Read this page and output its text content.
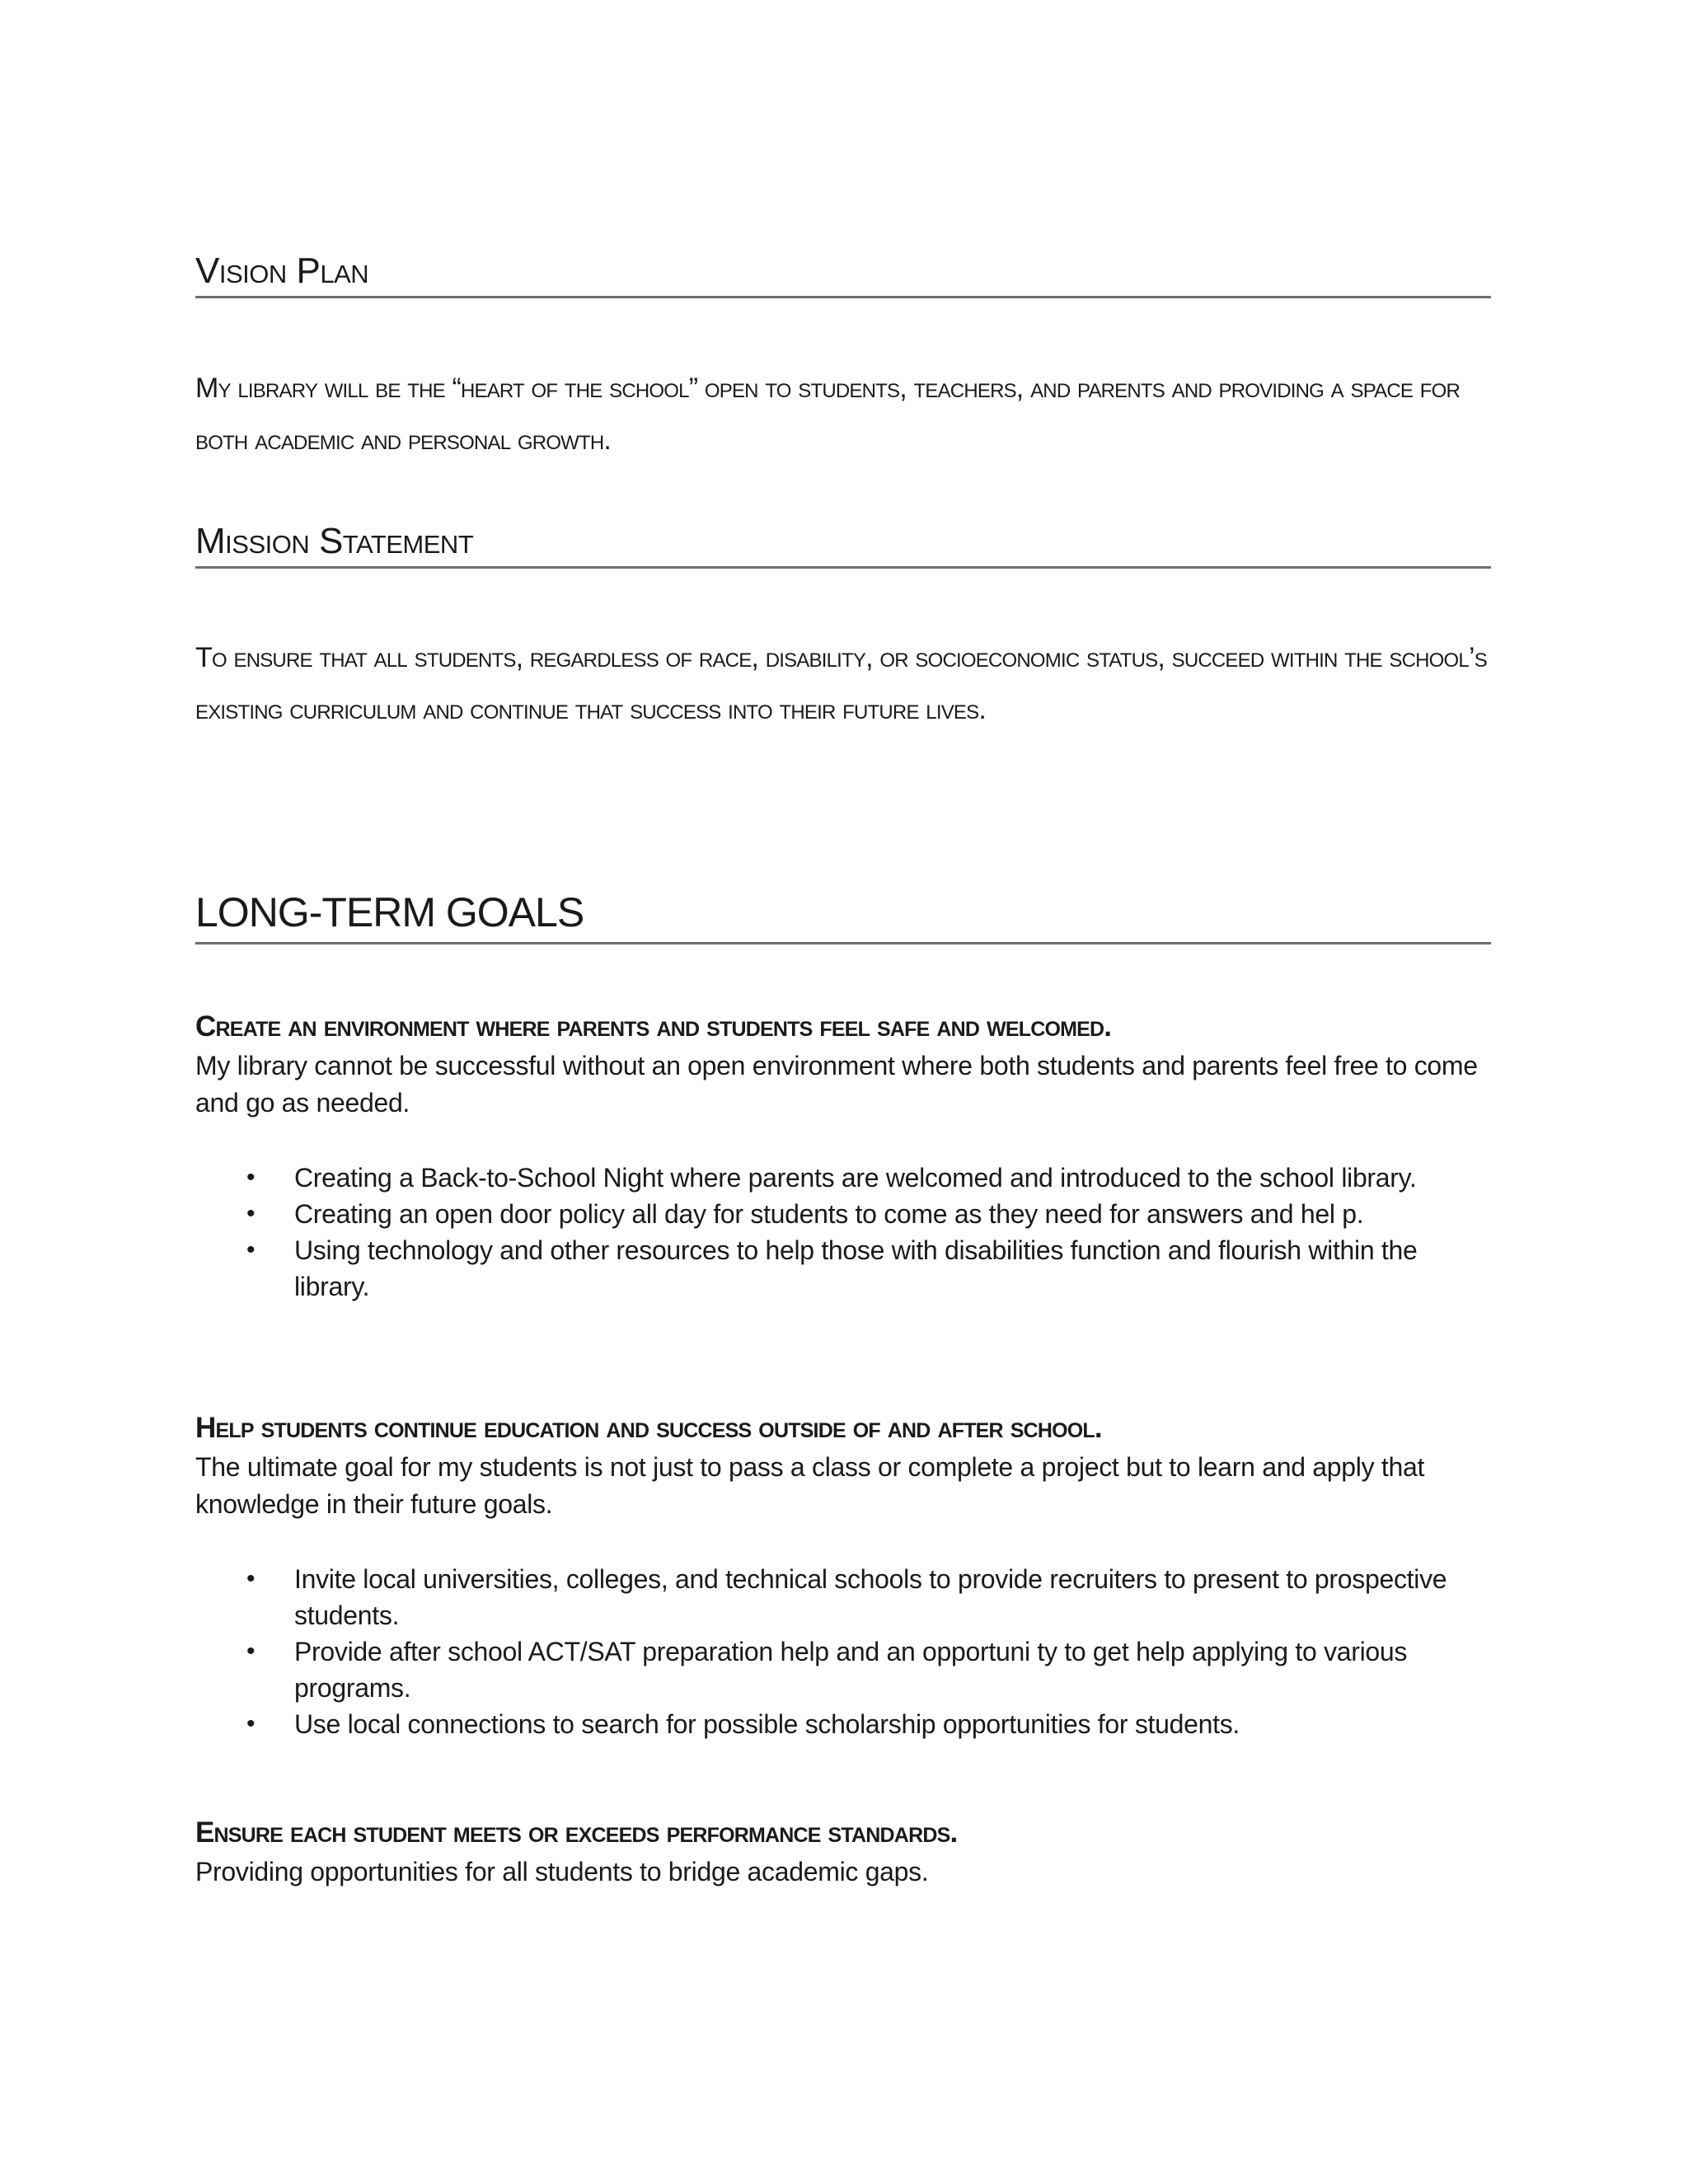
Vision Plan

My library will be the “heart of the school” open to students, teachers, and parents and providing a space for both academic and personal growth.

Mission Statement

To ensure that all students, regardless of race, disability, or socioeconomic status, succeed within the school’s existing curriculum and continue that success into their future lives.

LONG-TERM GOALS
Create an environment where parents and students feel safe and welcomed.

My library cannot be successful without an open environment where both students and parents feel free to come and go as needed.

• Creating a Back-to-School Night where parents are welcomed and introduced to the school library.
• Creating an open door policy all day for students to come as they need for answers and hel p.
• Using technology and other resources to help those with disabilities function and flourish within the library.
Help students continue education and success outside of and after school.

The ultimate goal for my students is not just to pass a class or complete a project but to learn and apply that knowledge in their future goals.

• Invite local universities, colleges, and technical schools to provide recruiters to present to prospective students.
• Provide after school ACT/SAT preparation help and an opportuni ty to get help applying to various programs.
• Use local connections to search for possible scholarship opportunities for students.
Ensure each student meets or exceeds performance standards.

Providing opportunities for all students to bridge academic gaps.
